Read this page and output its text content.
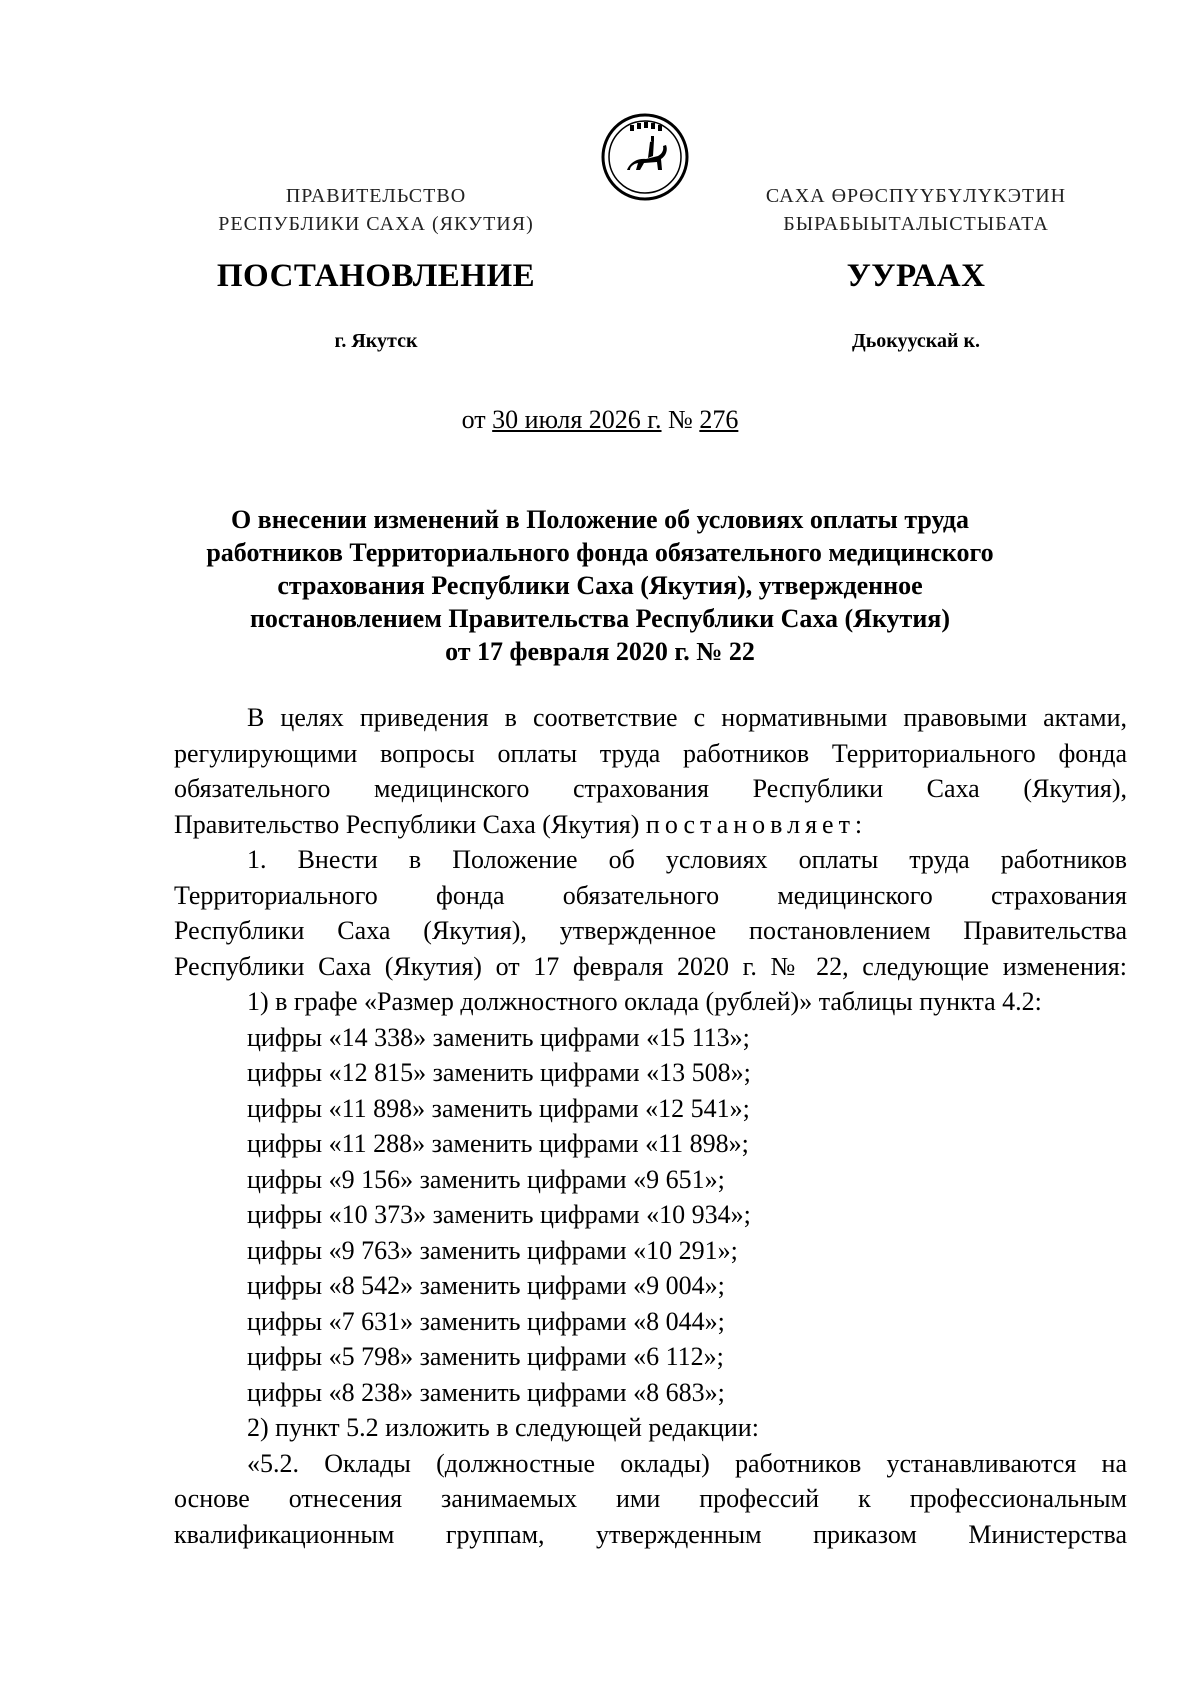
ПРАВИТЕЛЬСТВО
РЕСПУБЛИКИ САХА (ЯКУТИЯ)
САХА ӨРӨСПҮҮБҮЛҮКЭТИН
БЫРАБЫЫТАЛЫСТЫБАТА
ПОСТАНОВЛЕНИЕ	УУРААХ
г. Якутск	Дьокуускай к.
от 30 июля 2026 г. № 276
О внесении изменений в Положение об условиях оплаты труда
работников Территориального фонда обязательного медицинского
страхования Республики Саха (Якутия), утвержденное
постановлением Правительства Республики Саха (Якутия)
от 17 февраля 2020 г. № 22
В целях приведения в соответствие с нормативными правовыми актами,
регулирующими вопросы оплаты труда работников Территориального фонда
обязательного медицинского страхования Республики Саха (Якутия),
Правительство Республики Саха (Якутия) постановляет:
1. Внести в Положение об условиях оплаты труда работников
Территориального фонда обязательного медицинского страхования
Республики Саха (Якутия), утвержденное постановлением Правительства
Республики Саха (Якутия) от 17 февраля 2020 г. № 22, следующие изменения:
1) в графе «Размер должностного оклада (рублей)» таблицы пункта 4.2:
цифры «14 338» заменить цифрами «15 113»;
цифры «12 815» заменить цифрами «13 508»;
цифры «11 898» заменить цифрами «12 541»;
цифры «11 288» заменить цифрами «11 898»;
цифры «9 156» заменить цифрами «9 651»;
цифры «10 373» заменить цифрами «10 934»;
цифры «9 763» заменить цифрами «10 291»;
цифры «8 542» заменить цифрами «9 004»;
цифры «7 631» заменить цифрами «8 044»;
цифры «5 798» заменить цифрами «6 112»;
цифры «8 238» заменить цифрами «8 683»;
2) пункт 5.2 изложить в следующей редакции:
«5.2. Оклады (должностные оклады) работников устанавливаются на
основе отнесения занимаемых ими профессий к профессиональным
квалификационным группам, утвержденным приказом Министерства
